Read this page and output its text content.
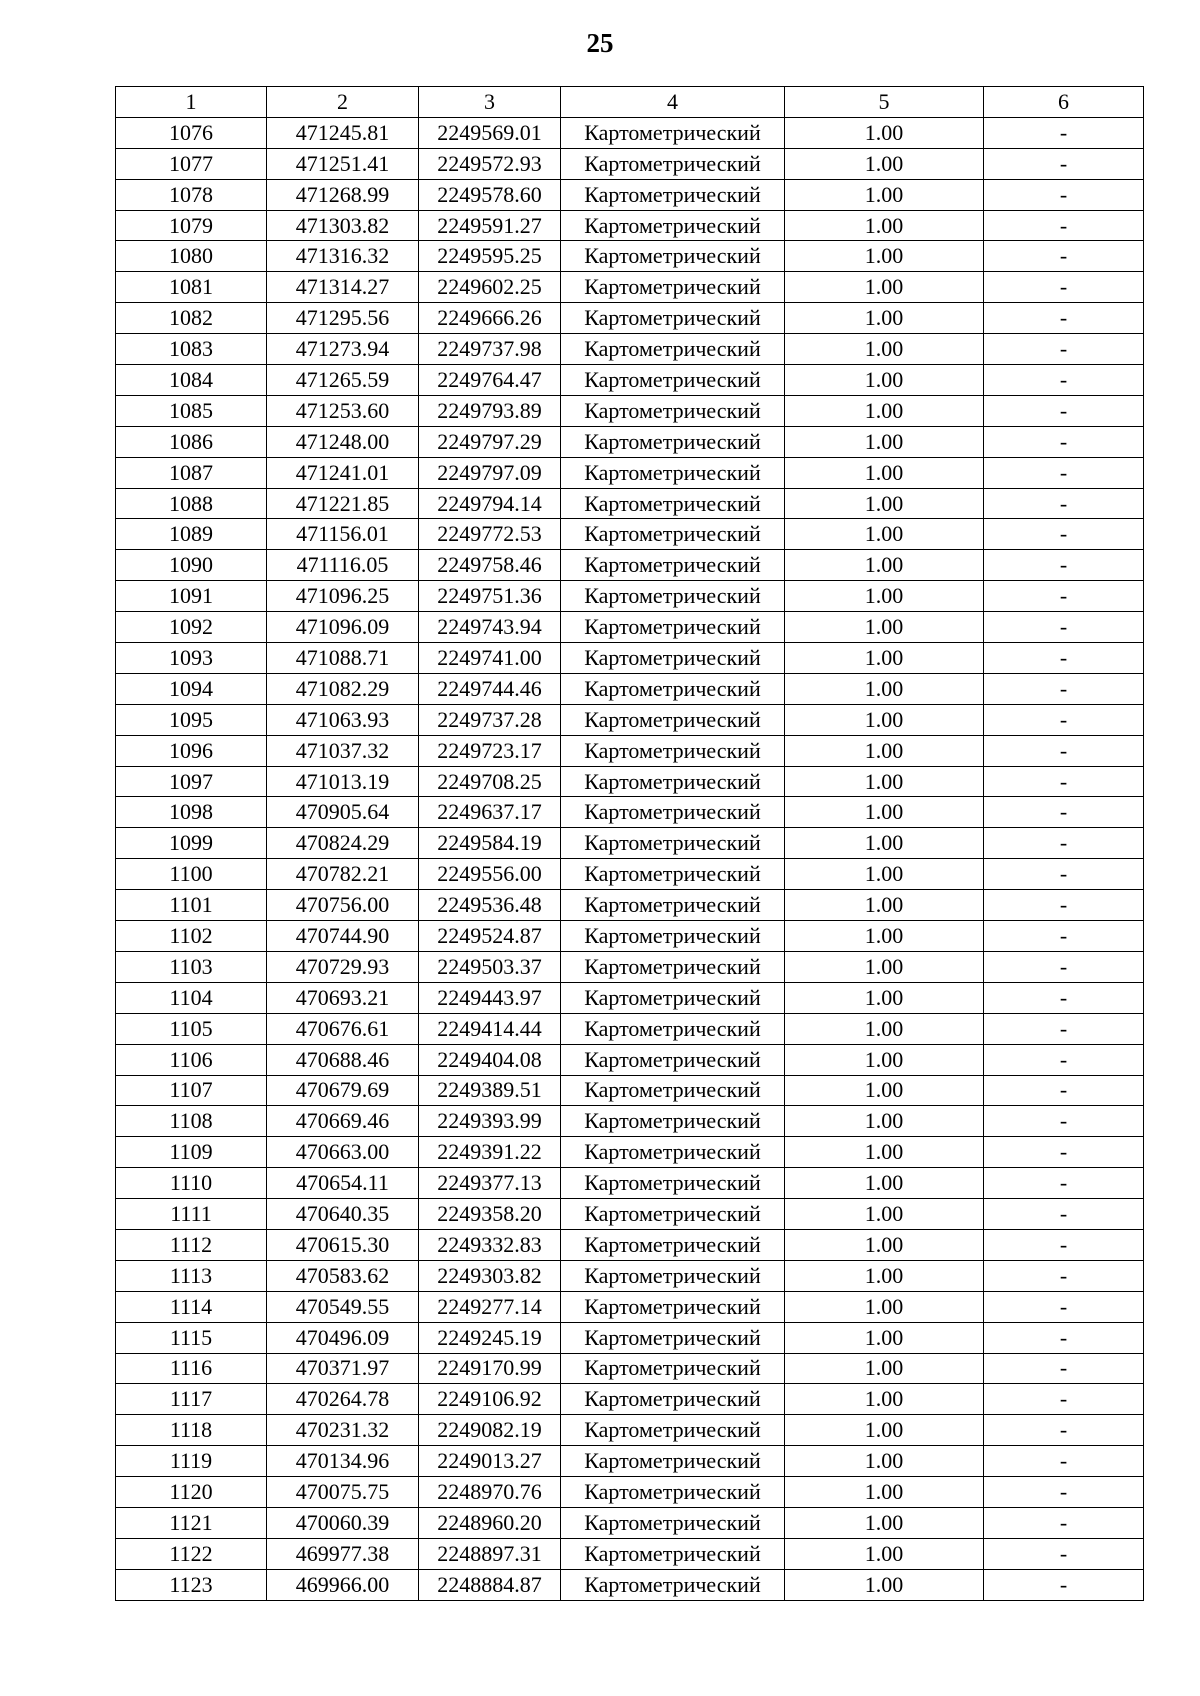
25
1	2	3	4	5	6
1076	471245.81	2249569.01	Картометрический	1.00	-
1077	471251.41	2249572.93	Картометрический	1.00	-
1078	471268.99	2249578.60	Картометрический	1.00	-
1079	471303.82	2249591.27	Картометрический	1.00	-
1080	471316.32	2249595.25	Картометрический	1.00	-
1081	471314.27	2249602.25	Картометрический	1.00	-
1082	471295.56	2249666.26	Картометрический	1.00	-
1083	471273.94	2249737.98	Картометрический	1.00	-
1084	471265.59	2249764.47	Картометрический	1.00	-
1085	471253.60	2249793.89	Картометрический	1.00	-
1086	471248.00	2249797.29	Картометрический	1.00	-
1087	471241.01	2249797.09	Картометрический	1.00	-
1088	471221.85	2249794.14	Картометрический	1.00	-
1089	471156.01	2249772.53	Картометрический	1.00	-
1090	471116.05	2249758.46	Картометрический	1.00	-
1091	471096.25	2249751.36	Картометрический	1.00	-
1092	471096.09	2249743.94	Картометрический	1.00	-
1093	471088.71	2249741.00	Картометрический	1.00	-
1094	471082.29	2249744.46	Картометрический	1.00	-
1095	471063.93	2249737.28	Картометрический	1.00	-
1096	471037.32	2249723.17	Картометрический	1.00	-
1097	471013.19	2249708.25	Картометрический	1.00	-
1098	470905.64	2249637.17	Картометрический	1.00	-
1099	470824.29	2249584.19	Картометрический	1.00	-
1100	470782.21	2249556.00	Картометрический	1.00	-
1101	470756.00	2249536.48	Картометрический	1.00	-
1102	470744.90	2249524.87	Картометрический	1.00	-
1103	470729.93	2249503.37	Картометрический	1.00	-
1104	470693.21	2249443.97	Картометрический	1.00	-
1105	470676.61	2249414.44	Картометрический	1.00	-
1106	470688.46	2249404.08	Картометрический	1.00	-
1107	470679.69	2249389.51	Картометрический	1.00	-
1108	470669.46	2249393.99	Картометрический	1.00	-
1109	470663.00	2249391.22	Картометрический	1.00	-
1110	470654.11	2249377.13	Картометрический	1.00	-
1111	470640.35	2249358.20	Картометрический	1.00	-
1112	470615.30	2249332.83	Картометрический	1.00	-
1113	470583.62	2249303.82	Картометрический	1.00	-
1114	470549.55	2249277.14	Картометрический	1.00	-
1115	470496.09	2249245.19	Картометрический	1.00	-
1116	470371.97	2249170.99	Картометрический	1.00	-
1117	470264.78	2249106.92	Картометрический	1.00	-
1118	470231.32	2249082.19	Картометрический	1.00	-
1119	470134.96	2249013.27	Картометрический	1.00	-
1120	470075.75	2248970.76	Картометрический	1.00	-
1121	470060.39	2248960.20	Картометрический	1.00	-
1122	469977.38	2248897.31	Картометрический	1.00	-
1123	469966.00	2248884.87	Картометрический	1.00	-
